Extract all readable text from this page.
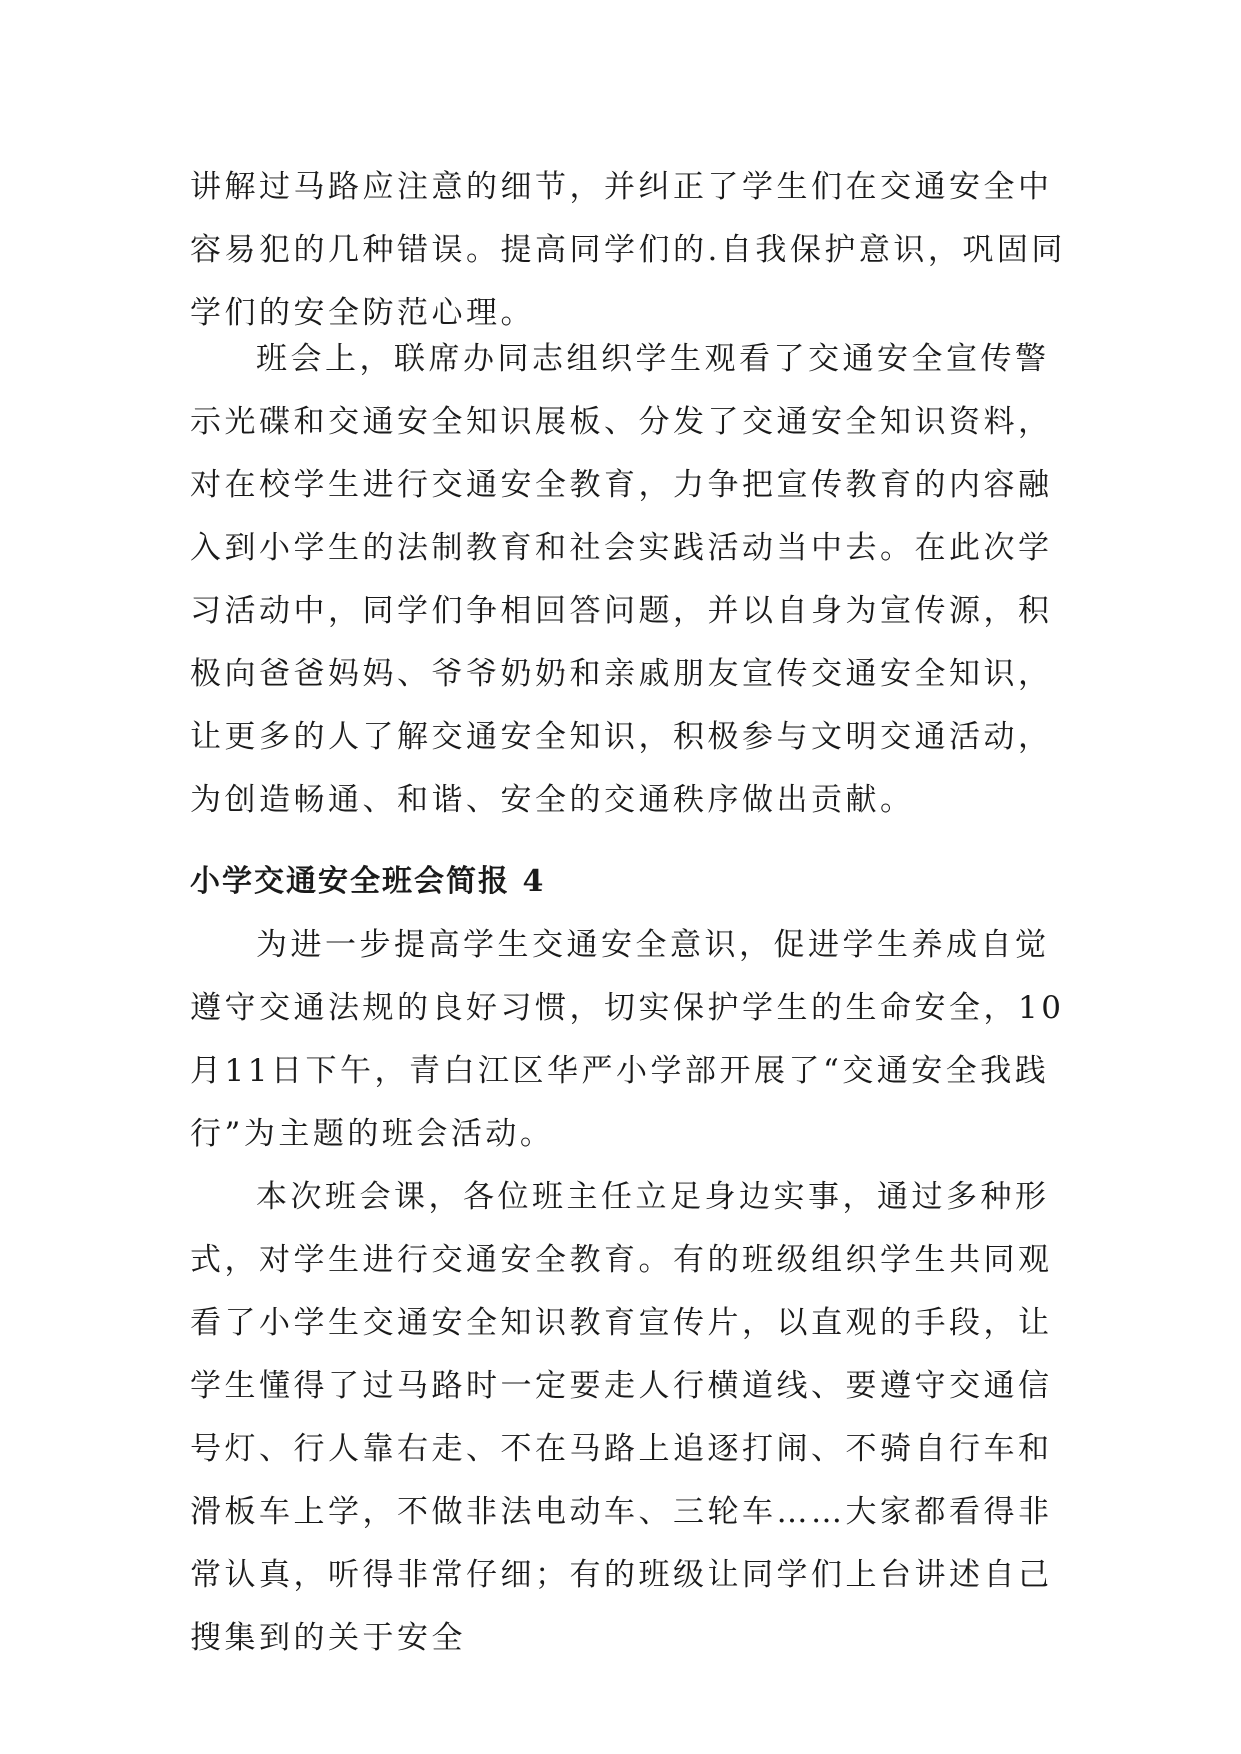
讲解过马路应注意的细节，并纠正了学生们在交通安全中容易犯的几种错误。提高同学们的.自我保护意识，巩固同学们的安全防范心理。

班会上，联席办同志组织学生观看了交通安全宣传警示光碟和交通安全知识展板、分发了交通安全知识资料，对在校学生进行交通安全教育，力争把宣传教育的内容融入到小学生的法制教育和社会实践活动当中去。在此次学习活动中，同学们争相回答问题，并以自身为宣传源，积极向爸爸妈妈、爷爷奶奶和亲戚朋友宣传交通安全知识，让更多的人了解交通安全知识，积极参与文明交通活动，为创造畅通、和谐、安全的交通秩序做出贡献。

小学交通安全班会简报 4

为进一步提高学生交通安全意识，促进学生养成自觉遵守交通法规的良好习惯，切实保护学生的生命安全，10月11日下午，青白江区华严小学部开展了“交通安全我践行”为主题的班会活动。

本次班会课，各位班主任立足身边实事，通过多种形式，对学生进行交通安全教育。有的班级组织学生共同观看了小学生交通安全知识教育宣传片，以直观的手段，让学生懂得了过马路时一定要走人行横道线、要遵守交通信号灯、行人靠右走、不在马路上追逐打闹、不骑自行车和滑板车上学，不做非法电动车、三轮车……大家都看得非常认真，听得非常仔细；有的班级让同学们上台讲述自己搜集到的关于安全
